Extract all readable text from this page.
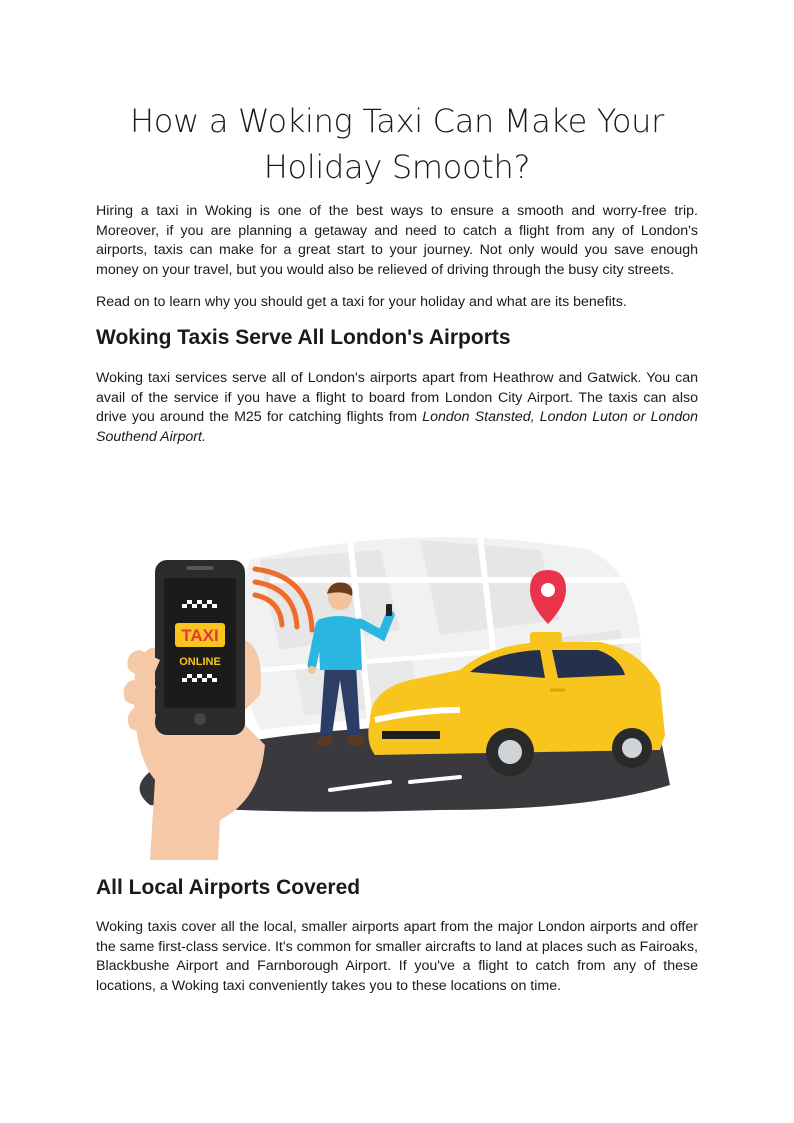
How a Woking Taxi Can Make Your
Holiday Smooth?

Hiring a taxi in Woking is one of the best ways to ensure a smooth and worry-free trip. Moreover, if you are planning a getaway and need to catch a flight from any of London's airports, taxis can make for a great start to your journey. Not only would you save enough money on your travel, but you would also be relieved of driving through the busy city streets.

Read on to learn why you should get a taxi for your holiday and what are its benefits.

Woking Taxis Serve All London's Airports

Woking taxi services serve all of London's airports apart from Heathrow and Gatwick. You can avail of the service if you have a flight to board from London City Airport. The taxis can also drive you around the M25 for catching flights from London Stansted, London Luton or London Southend Airport.

TAXI
ONLINE
All Local Airports Covered

Woking taxis cover all the local, smaller airports apart from the major London airports and offer the same first-class service. It's common for smaller aircrafts to land at places such as Fairoaks, Blackbushe Airport and Farnborough Airport. If you've a flight to catch from any of these locations, a Woking taxi conveniently takes you to these locations on time.
